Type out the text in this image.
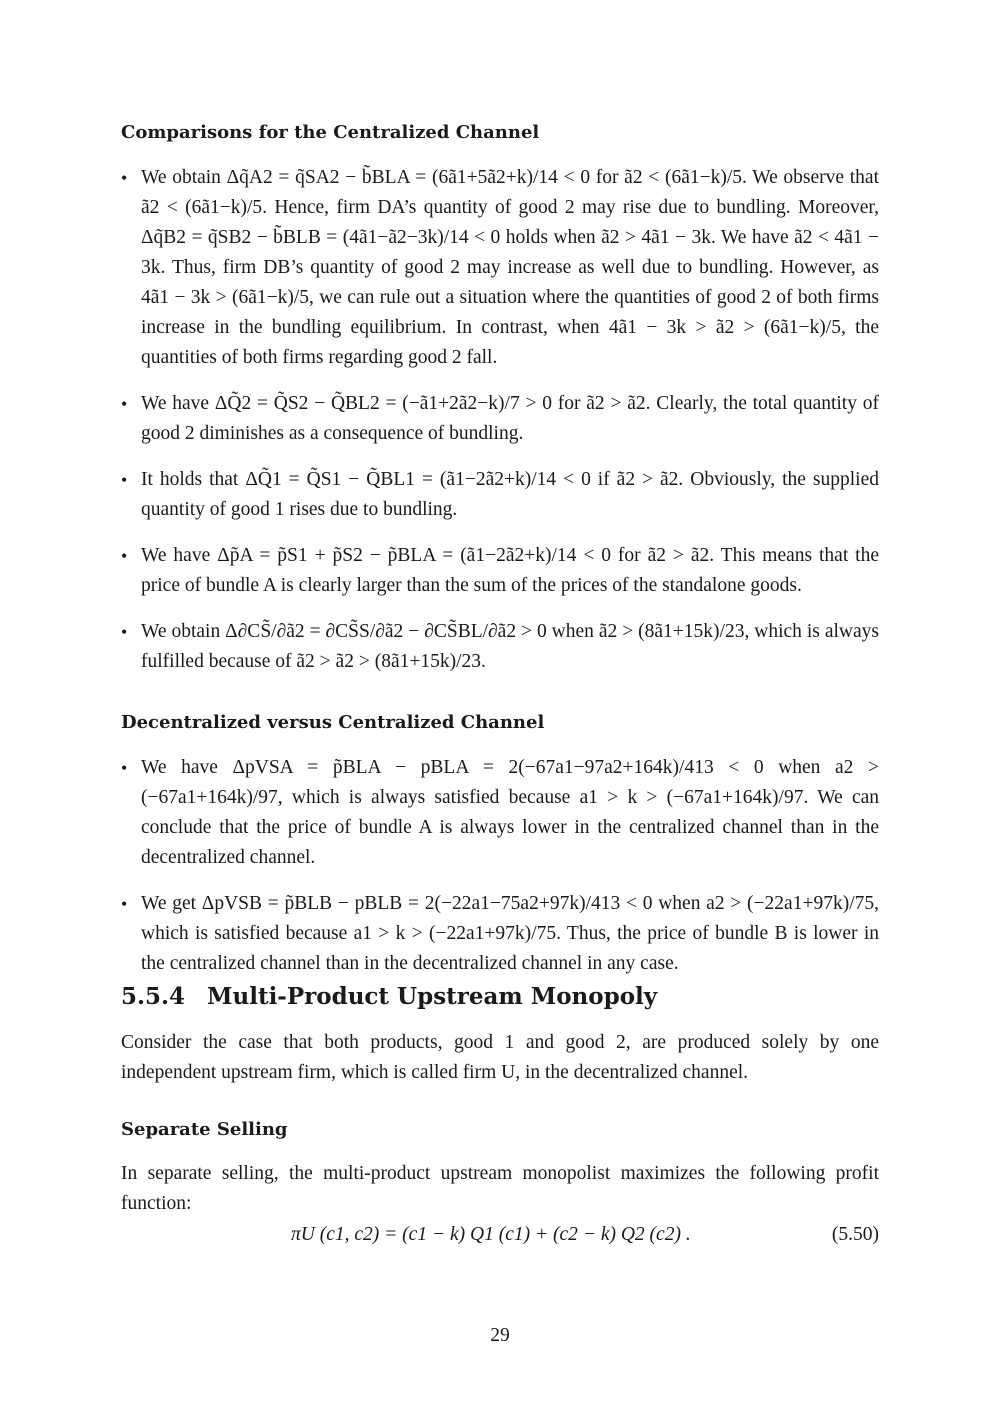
Comparisons for the Centralized Channel
• We obtain Δq̃A2 = q̃SA2 − b̃BLA = (6ã1+5ã2+k)/14 < 0 for ã2 < (6ã1−k)/5. We observe that ã2 < (6ã1−k)/5. Hence, firm DA’s quantity of good 2 may rise due to bundling. Moreover, Δq̃B2 = q̃SB2 − b̃BLB = (4ã1−ã2−3k)/14 < 0 holds when ã2 > 4ã1 − 3k. We have ã2 < 4ã1 − 3k. Thus, firm DB’s quantity of good 2 may increase as well due to bundling. However, as 4ã1 − 3k > (6ã1−k)/5, we can rule out a situation where the quantities of good 2 of both firms increase in the bundling equilibrium. In contrast, when 4ã1 − 3k > ã2 > (6ã1−k)/5, the quantities of both firms regarding good 2 fall.
• We have ΔQ̃2 = Q̃S2 − Q̃BL2 = (−ã1+2ã2−k)/7 > 0 for ã2 > ã2. Clearly, the total quantity of good 2 diminishes as a consequence of bundling.
• It holds that ΔQ̃1 = Q̃S1 − Q̃BL1 = (ã1−2ã2+k)/14 < 0 if ã2 > ã2. Obviously, the supplied quantity of good 1 rises due to bundling.
• We have Δp̃A = p̃S1 + p̃S2 − p̃BLA = (ã1−2ã2+k)/14 < 0 for ã2 > ã2. This means that the price of bundle A is clearly larger than the sum of the prices of the standalone goods.
• We obtain Δ∂CS̃/∂ã2 = ∂CS̃S/∂ã2 − ∂CS̃BL/∂ã2 > 0 when ã2 > (8ã1+15k)/23, which is always fulfilled because of ã2 > ã2 > (8ã1+15k)/23.
Decentralized versus Centralized Channel
• We have ΔpVSA = p̃BLA − pBLA = 2(−67a1−97a2+164k)/413 < 0 when a2 > (−67a1+164k)/97, which is always satisfied because a1 > k > (−67a1+164k)/97. We can conclude that the price of bundle A is always lower in the centralized channel than in the decentralized channel.
• We get ΔpVSB = p̃BLB − pBLB = 2(−22a1−75a2+97k)/413 < 0 when a2 > (−22a1+97k)/75, which is satisfied because a1 > k > (−22a1+97k)/75. Thus, the price of bundle B is lower in the centralized channel than in the decentralized channel in any case.
5.5.4 Multi-Product Upstream Monopoly

Consider the case that both products, good 1 and good 2, are produced solely by one independent upstream firm, which is called firm U, in the decentralized channel.

Separate Selling

In separate selling, the multi-product upstream monopolist maximizes the following profit function:

πU (c1, c2) = (c1 − k) Q1 (c1) + (c2 − k) Q2 (c2) .	(5.50)
29
